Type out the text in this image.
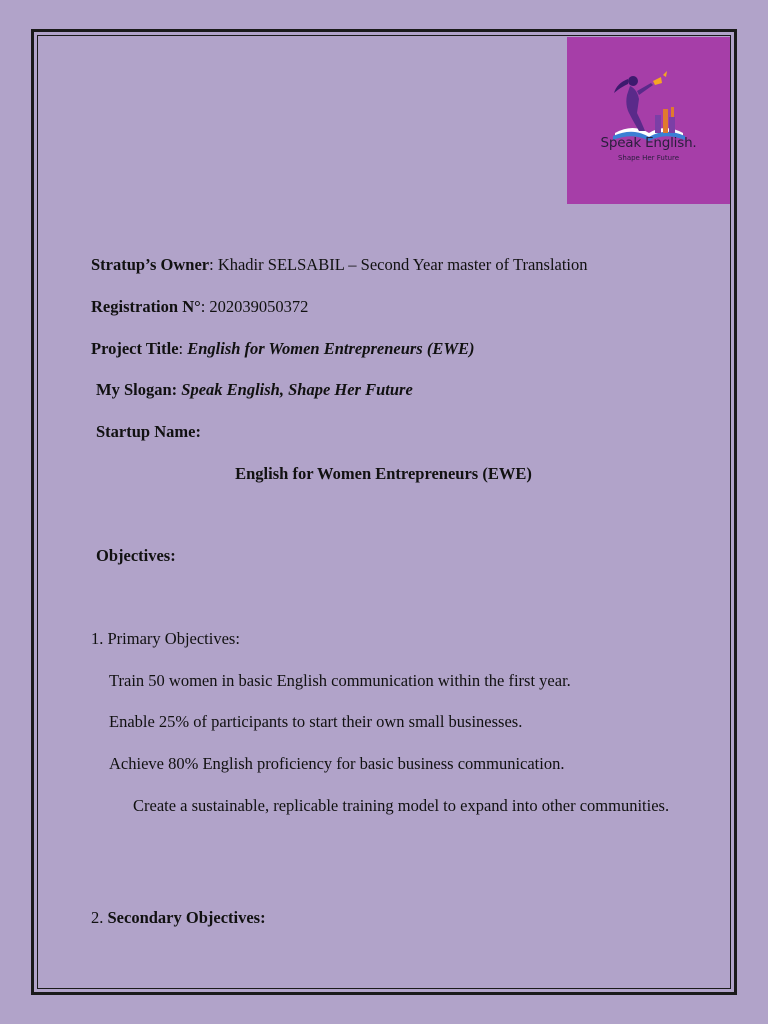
Speak English.
Shape Her Future
Stratup’s Owner: Khadir SELSABIL – Second Year master of Translation
Registration N°: 202039050372
Project Title: English for Women Entrepreneurs (EWE)
My Slogan: Speak English, Shape Her Future
Startup Name:
English for Women Entrepreneurs (EWE)
Objectives:
1. Primary Objectives:
Train 50 women in basic English communication within the first year.
Enable 25% of participants to start their own small businesses.
Achieve 80% English proficiency for basic business communication.
Create a sustainable, replicable training model to expand into other communities.
2. Secondary Objectives:
